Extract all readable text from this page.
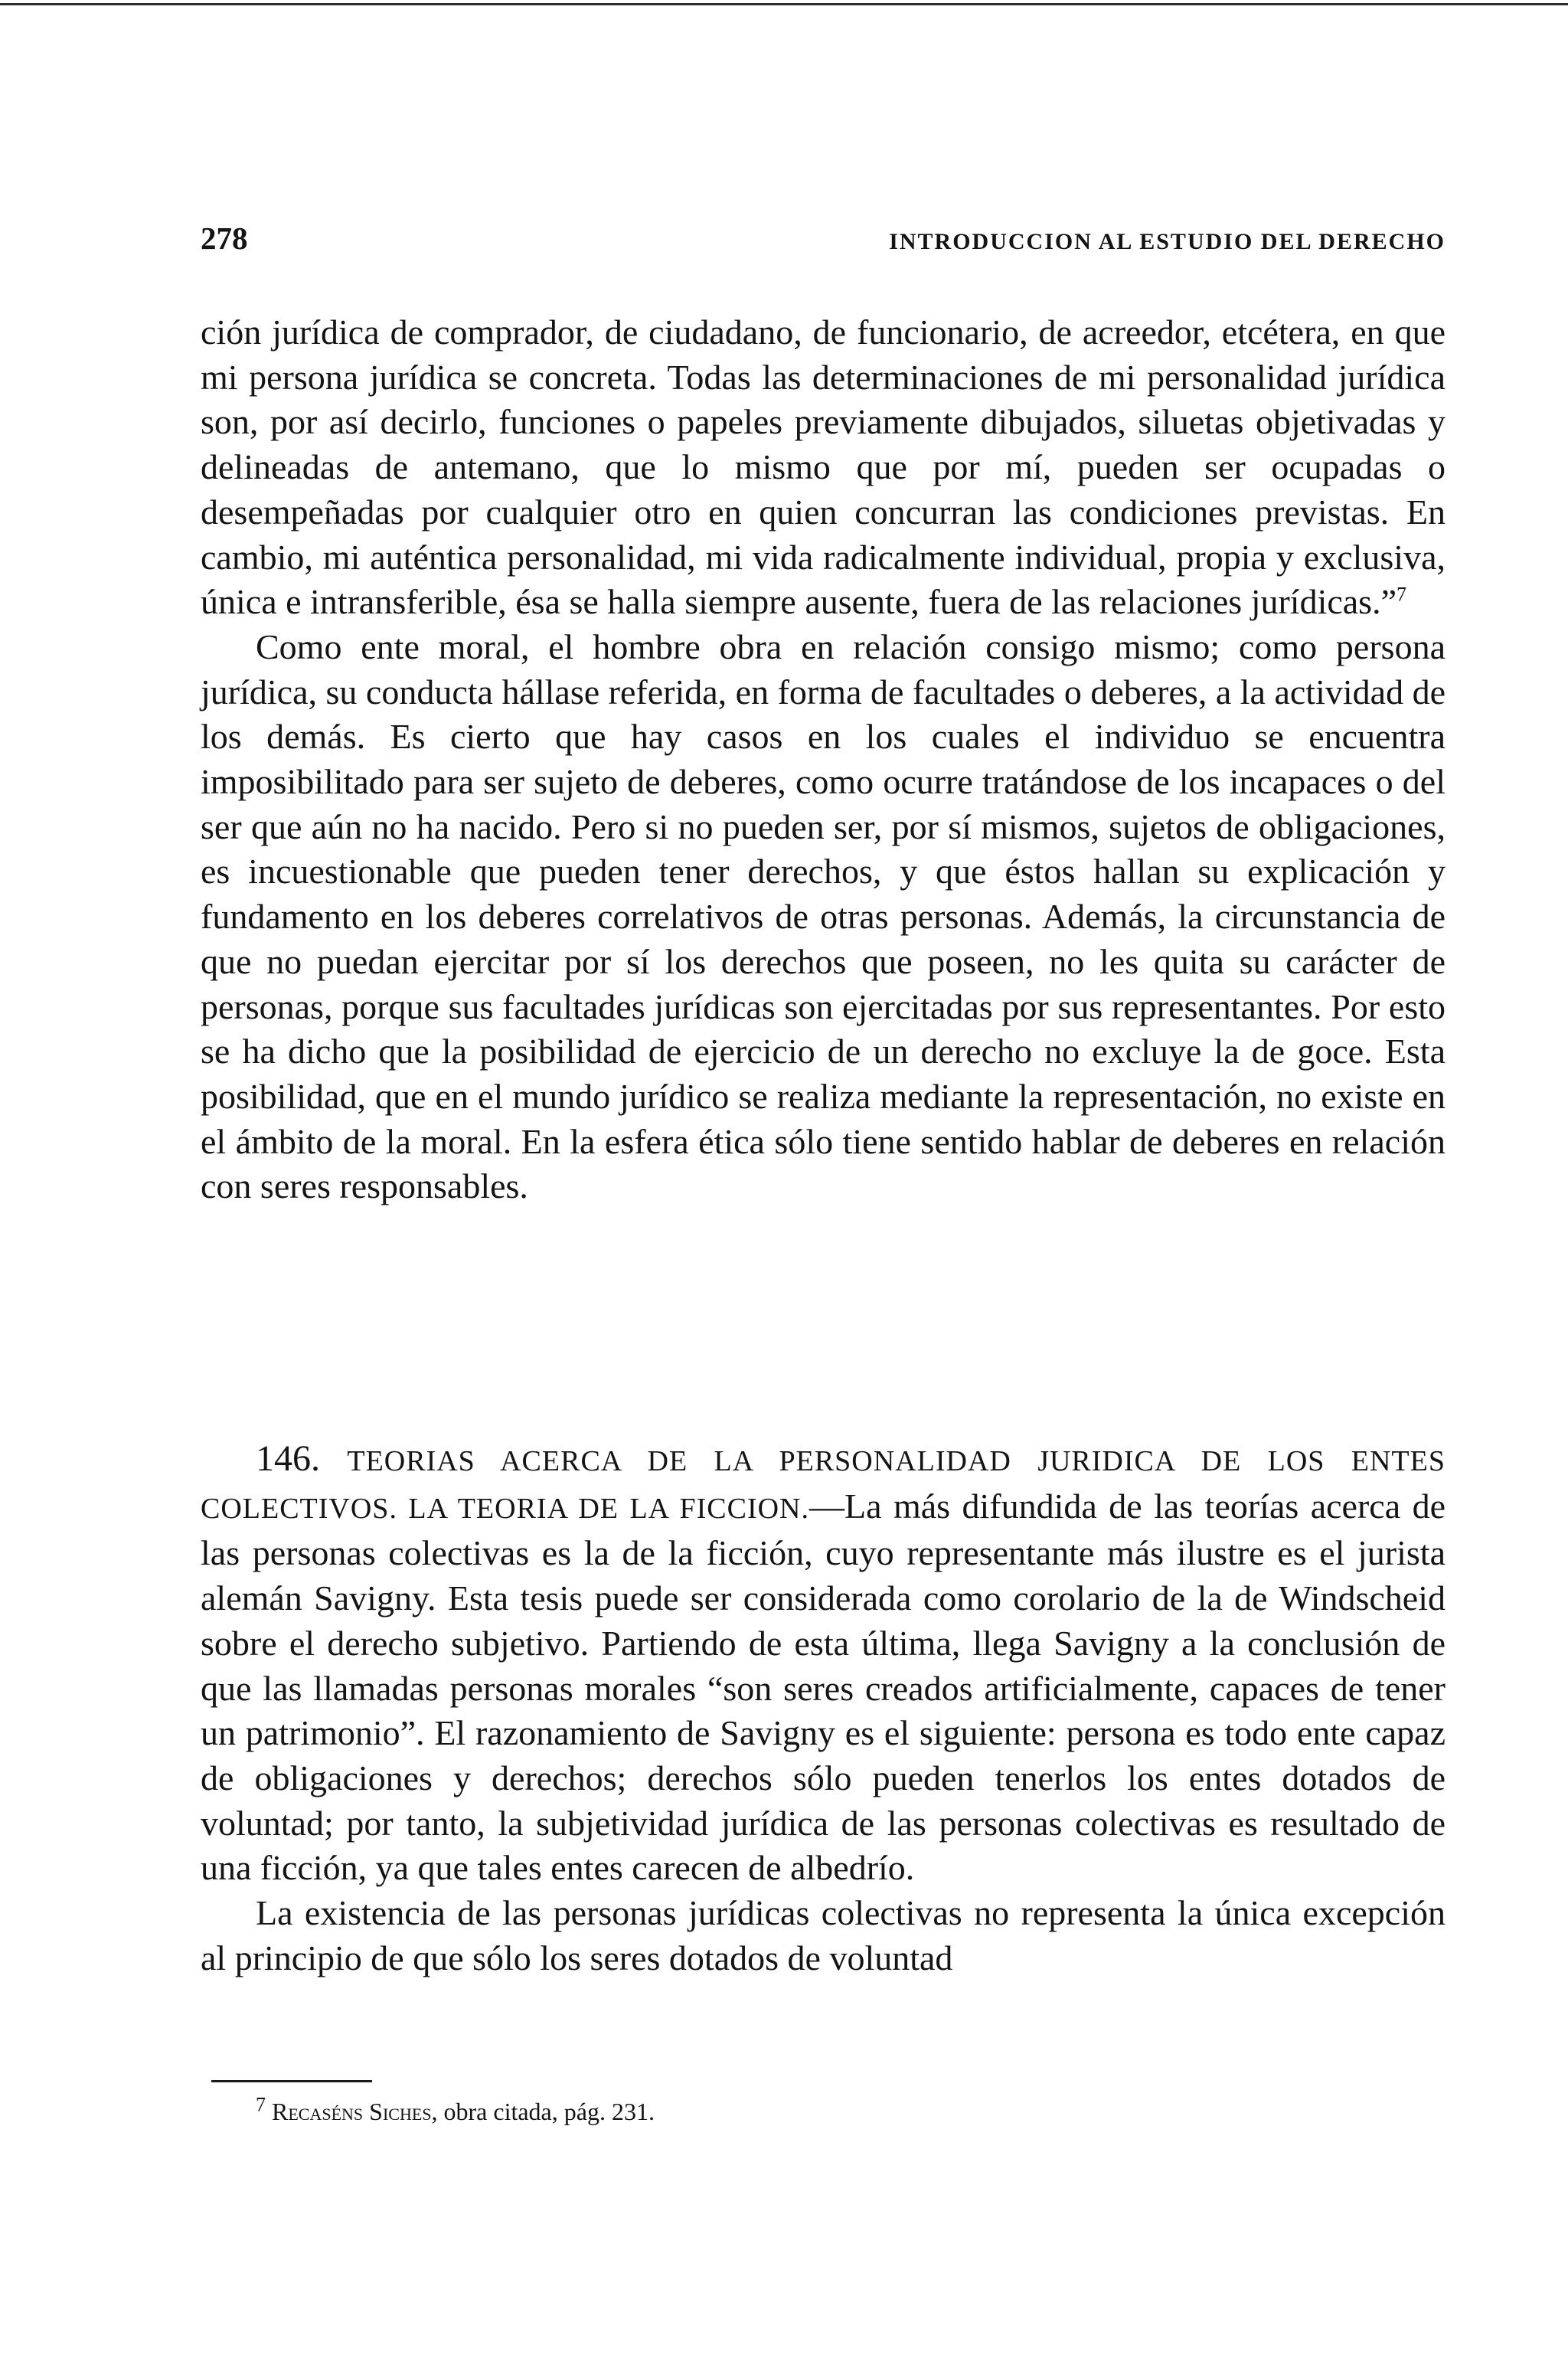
278	INTRODUCCION AL ESTUDIO DEL DERECHO

ción jurídica de comprador, de ciudadano, de funcionario, de acreedor, etcétera, en que mi persona jurídica se concreta. Todas las determinaciones de mi personalidad jurídica son, por así decirlo, funciones o papeles previamente dibujados, siluetas objetivadas y delineadas de antemano, que lo mismo que por mí, pueden ser ocupadas o desempeñadas por cualquier otro en quien concurran las condiciones previstas. En cambio, mi auténtica personalidad, mi vida radicalmente individual, propia y exclusiva, única e intransferible, ésa se halla siempre ausente, fuera de las relaciones jurídicas.”$^7$

Como ente moral, el hombre obra en relación consigo mismo; como persona jurídica, su conducta hállase referida, en forma de facultades o deberes, a la actividad de los demás. Es cierto que hay casos en los cuales el individuo se encuentra imposibilitado para ser sujeto de deberes, como ocurre tratándose de los incapaces o del ser que aún no ha nacido. Pero si no pueden ser, por sí mismos, sujetos de obligaciones, es incuestionable que pueden tener derechos, y que éstos hallan su explicación y fundamento en los deberes correlativos de otras personas. Además, la circunstancia de que no puedan ejercitar por sí los derechos que poseen, no les quita su carácter de personas, porque sus facultades jurídicas son ejercitadas por sus representantes. Por esto se ha dicho que la posibilidad de ejercicio de un derecho no excluye la de goce. Esta posibilidad, que en el mundo jurídico se realiza mediante la representación, no existe en el ámbito de la moral. En la esfera ética sólo tiene sentido hablar de deberes en relación con seres responsables.

146. TEORIAS ACERCA DE LA PERSONALIDAD JURIDICA DE LOS ENTES COLECTIVOS. LA TEORIA DE LA FICCION.—La más difundida de las teorías acerca de las personas colectivas es la de la ficción, cuyo representante más ilustre es el jurista alemán Savigny. Esta tesis puede ser considerada como corolario de la de Windscheid sobre el derecho subjetivo. Partiendo de esta última, llega Savigny a la conclusión de que las llamadas personas morales “son seres creados artificialmente, capaces de tener un patrimonio”. El razonamiento de Savigny es el siguiente: persona es todo ente capaz de obligaciones y derechos; derechos sólo pueden tenerlos los entes dotados de voluntad; por tanto, la subjetividad jurídica de las personas colectivas es resultado de una ficción, ya que tales entes carecen de albedrío.

La existencia de las personas jurídicas colectivas no representa la única excepción al principio de que sólo los seres dotados de voluntad

$^7$ Recaséns Siches, obra citada, pág. 231.
